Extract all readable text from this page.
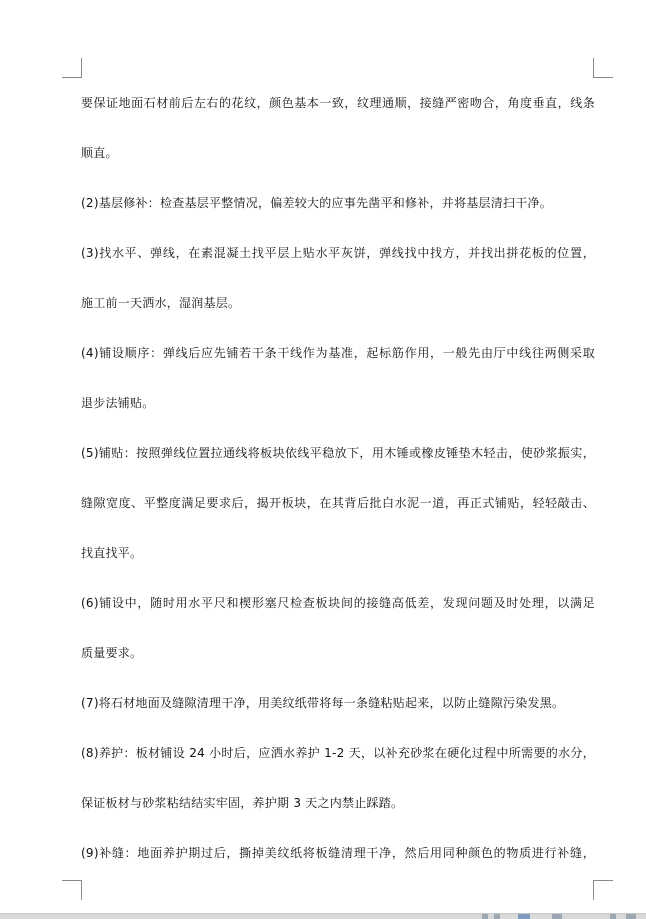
要保证地面石材前后左右的花纹，颜色基本一致，纹理通顺，接缝严密吻合，角度垂直，线条
顺直。
(2)基层修补：检查基层平整情况，偏差较大的应事先凿平和修补，并将基层清扫干净。
(3)找水平、弹线，在素混凝土找平层上贴水平灰饼，弹线找中找方，并找出拼花板的位置，
施工前一天洒水，湿润基层。
(4)铺设顺序：弹线后应先铺若干条干线作为基准，起标筋作用，一般先由厅中线往两侧采取
退步法铺贴。
(5)铺贴：按照弹线位置拉通线将板块依线平稳放下，用木锤或橡皮锤垫木轻击，使砂浆振实，
缝隙宽度、平整度满足要求后，揭开板块，在其背后批白水泥一道，再正式铺贴，轻轻敲击、
找直找平。
(6)铺设中，随时用水平尺和楔形塞尺检查板块间的接缝高低差，发现问题及时处理，以满足
质量要求。
(7)将石材地面及缝隙清理干净，用美纹纸带将每一条缝粘贴起来，以防止缝隙污染发黑。
(8)养护：板材铺设 24 小时后，应洒水养护 1-2 天，以补充砂浆在硬化过程中所需要的水分，
保证板材与砂浆粘结结实牢固，养护期 3 天之内禁止踩踏。
(9)补缝：地面养护期过后，撕掉美纹纸将板缝清理干净，然后用同种颜色的物质进行补缝，
